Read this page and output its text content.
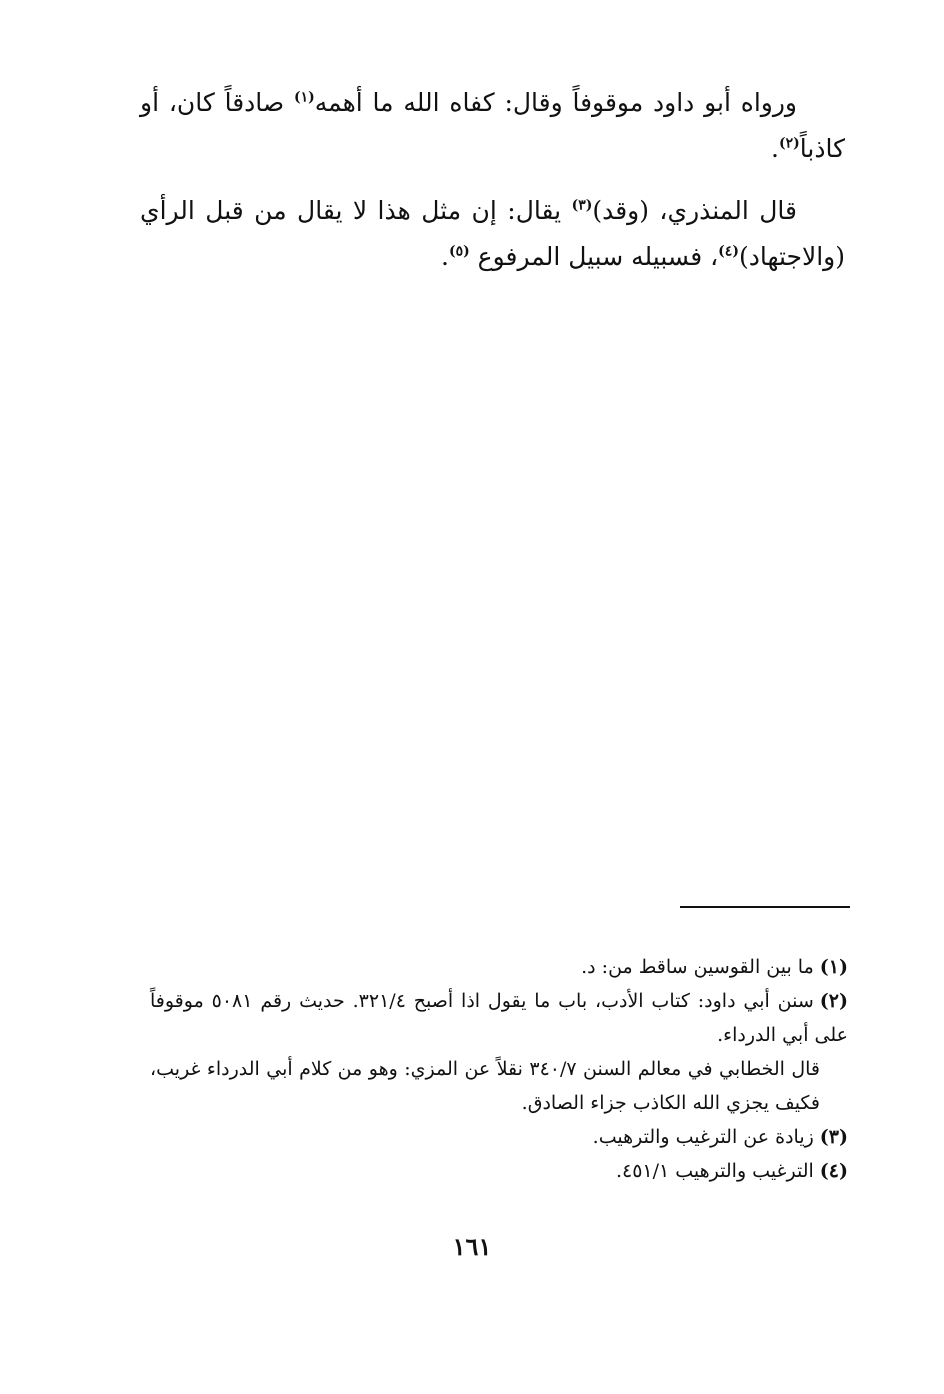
ورواه أبو داود موقوفاً وقال: كفاه الله ما أهمه$^{(١)}$ صادقاً كان، أو كاذباً$^{(٢)}$.

قال المنذري، (وقد)$^{(٣)}$ يقال: إن مثل هذا لا يقال من قبل الرأي (والاجتهاد)$^{(٤)}$، فسبيله سبيل المرفوع $^{(٥)}$.

(١)ما بين القوسين ساقط من: د.

(٢)سنن أبي داود: كتاب الأدب، باب ما يقول اذا أصبح ٣٢١/٤. حديث رقم ٥٠٨١ موقوفاً على أبي الدرداء.

قال الخطابي في معالم السنن ٣٤٠/٧ نقلاً عن المزي: وهو من كلام أبي الدرداء غريب، فكيف يجزي الله الكاذب جزاء الصادق.

(٣)زيادة عن الترغيب والترهيب.

(٤)الترغيب والترهيب ٤٥١/١.

١٦١
